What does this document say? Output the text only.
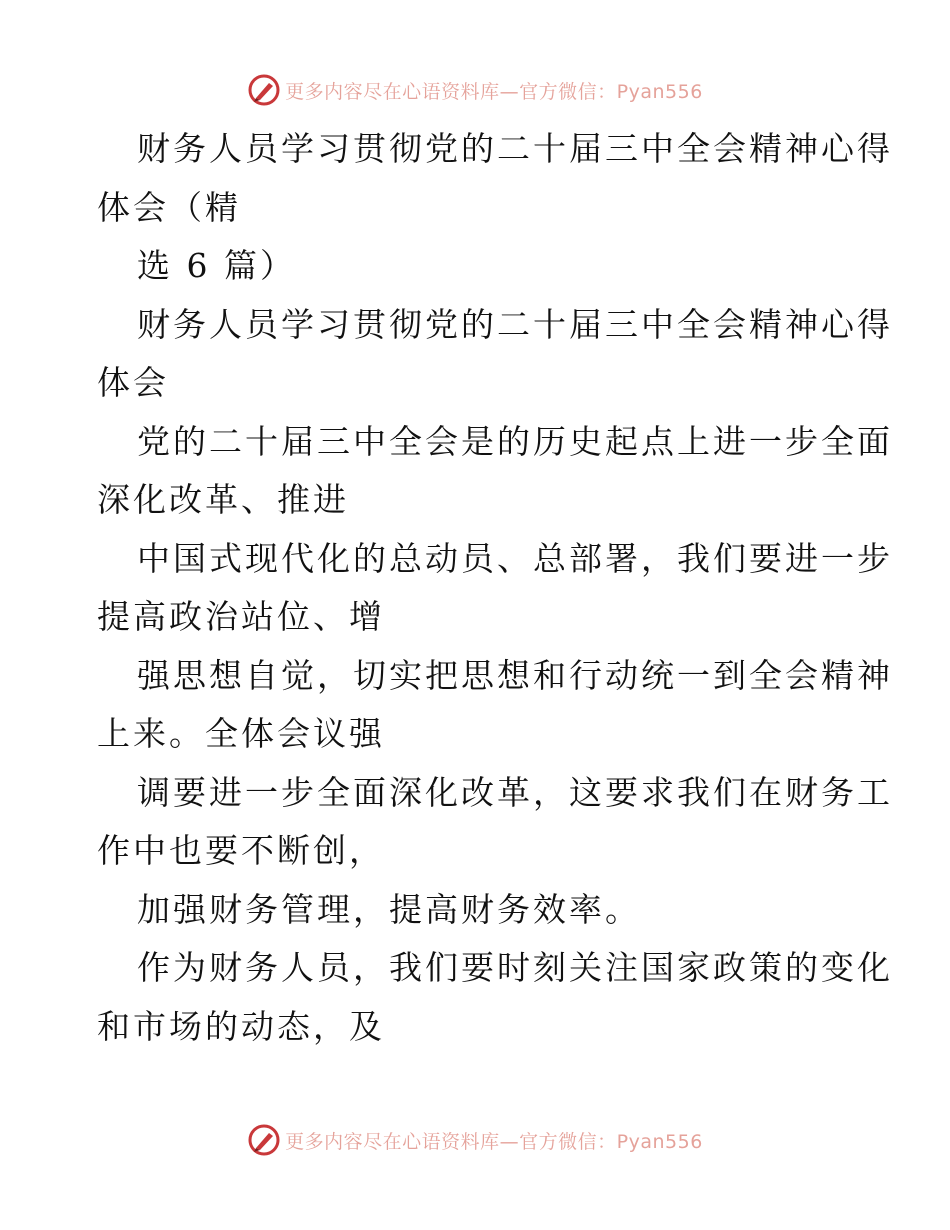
更多内容尽在心语资料库—官方微信：Pyan556
财务人员学习贯彻党的二十届三中全会精神心得
体会（精
选 6 篇）
财务人员学习贯彻党的二十届三中全会精神心得
体会
党的二十届三中全会是的历史起点上进一步全面
深化改革、推进
中国式现代化的总动员、总部署，我们要进一步
提高政治站位、增
强思想自觉，切实把思想和行动统一到全会精神
上来。全体会议强
调要进一步全面深化改革，这要求我们在财务工
作中也要不断创，
加强财务管理，提高财务效率。
作为财务人员，我们要时刻关注国家政策的变化
和市场的动态，及
更多内容尽在心语资料库—官方微信：Pyan556
